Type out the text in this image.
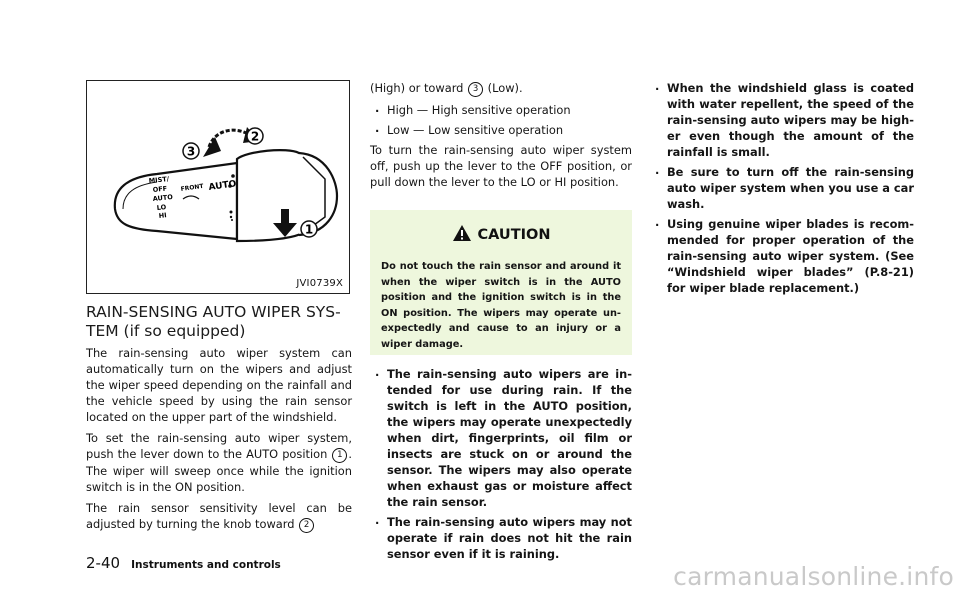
MIST/
OFF
AUTO
LO
HI
FRONT AUTO
2
3
1
JVI0739X
RAIN-SENSING AUTO WIPER SYS- TEM (if so equipped)

The rain-sensing auto wiper system can automatically turn on the wipers and adjust the wiper speed depending on the rainfall and the vehicle speed by using the rain sensor located on the upper part of the windshield.

To set the rain-sensing auto wiper system, push the lever down to the AUTO position 1 . The wiper will sweep once while the ignition switch is in the ON position.

The rain sensor sensitivity level can be adjusted by turning the knob toward 2

(High) or toward 3 (Low).

. High — High sensitive operation
. Low — Low sensitive operation

To turn the rain-sensing auto wiper system off, push up the lever to the OFF position, or pull down the lever to the LO or HI position.

CAUTION
Do not touch the rain sensor and around it when the wiper switch is in the AUTO position and the ignition switch is in the ON position. The wipers may operate un- expectedly and cause to an injury or a wiper damage.
. The rain-sensing auto wipers are in- tended for use during rain. If the switch is left in the AUTO position, the wipers may operate unexpectedly when dirt, fingerprints, oil film or insects are stuck on or around the sensor. The wipers may also operate when exhaust gas or moisture affect the rain sensor.
. The rain-sensing auto wipers may not operate if rain does not hit the rain sensor even if it is raining.
. When the windshield glass is coated with water repellent, the speed of the rain-sensing auto wipers may be high- er even though the amount of the rainfall is small.
. Be sure to turn off the rain-sensing auto wiper system when you use a car wash.
. Using genuine wiper blades is recom- mended for proper operation of the rain-sensing auto wiper system. (See “Windshield wiper blades” (P.8-21) for wiper blade replacement.)
2-40 Instruments and controls	carmanualsonline.info
